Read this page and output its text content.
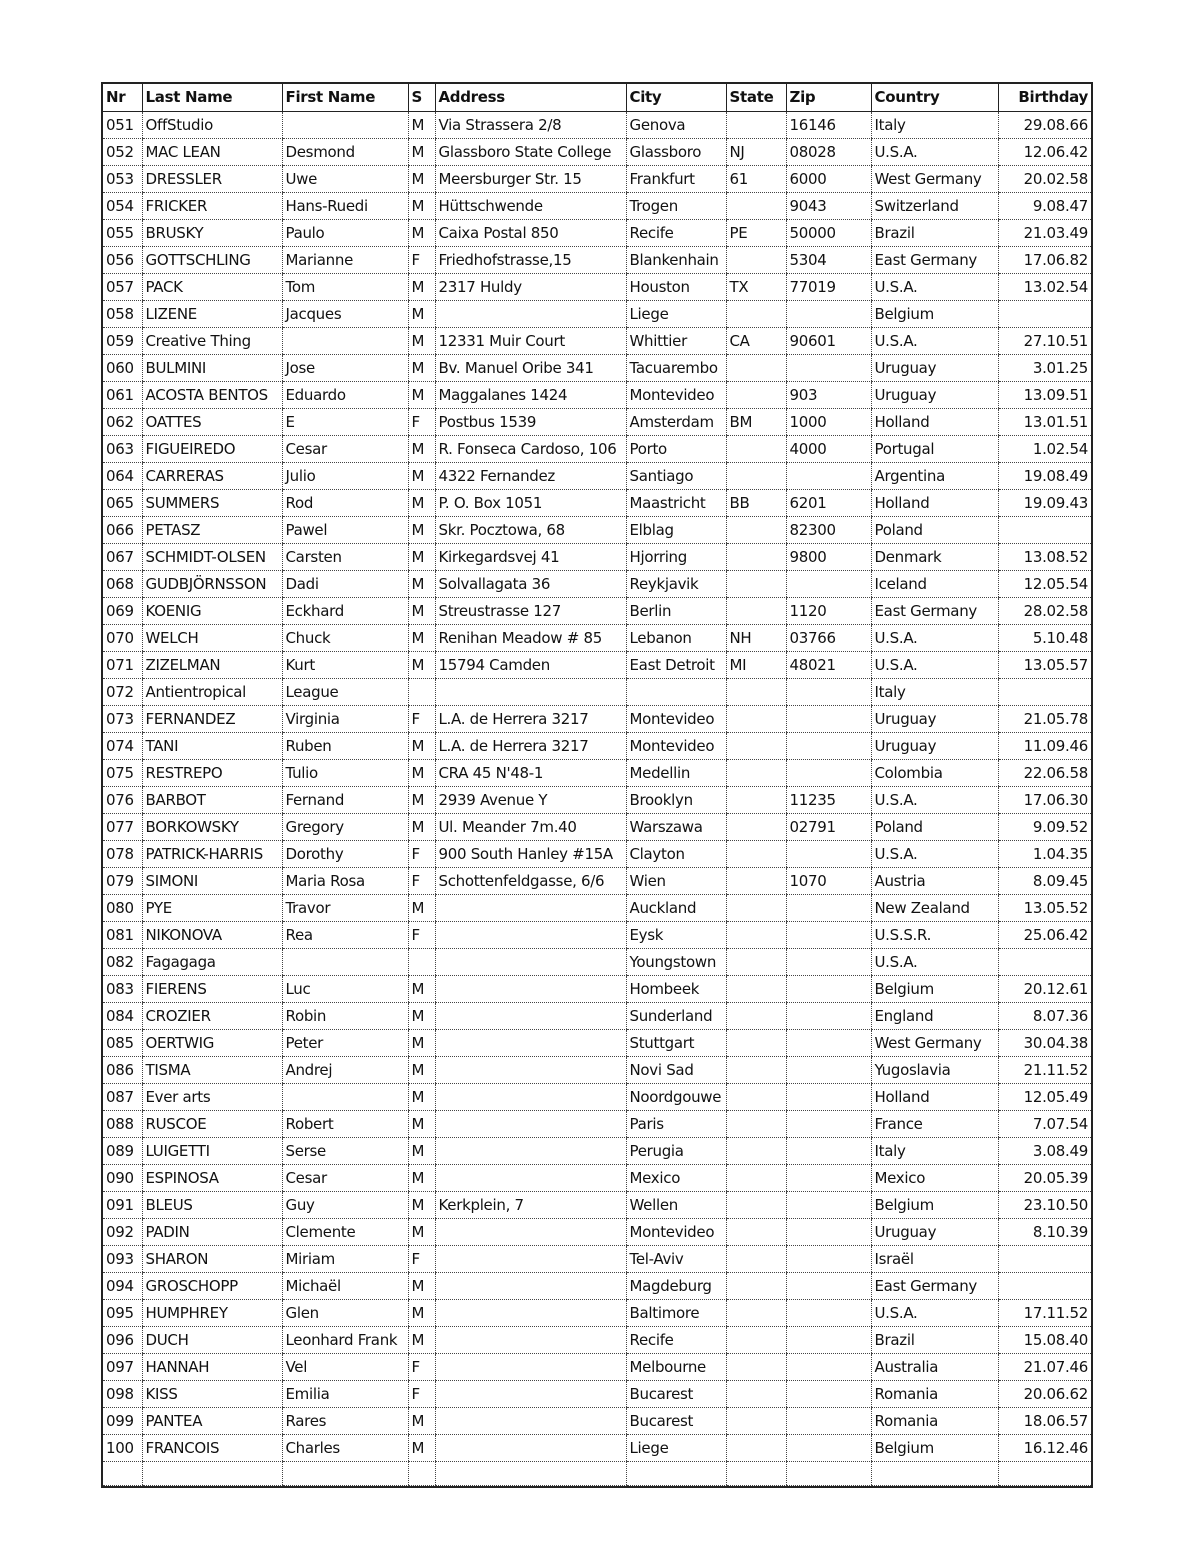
Nr	Last Name	First Name	S	Address	City	State	Zip	Country	Birthday
051	OffStudio		M	Via Strassera 2/8	Genova		16146	Italy	29.08.66
052	MAC LEAN	Desmond	M	Glassboro State College	Glassboro	NJ	08028	U.S.A.	12.06.42
053	DRESSLER	Uwe	M	Meersburger Str. 15	Frankfurt	61	6000	West Germany	20.02.58
054	FRICKER	Hans-Ruedi	M	Hüttschwende	Trogen		9043	Switzerland	9.08.47
055	BRUSKY	Paulo	M	Caixa Postal 850	Recife	PE	50000	Brazil	21.03.49
056	GOTTSCHLING	Marianne	F	Friedhofstrasse,15	Blankenhain		5304	East Germany	17.06.82
057	PACK	Tom	M	2317 Huldy	Houston	TX	77019	U.S.A.	13.02.54
058	LIZENE	Jacques	M		Liege			Belgium	
059	Creative Thing		M	12331 Muir Court	Whittier	CA	90601	U.S.A.	27.10.51
060	BULMINI	Jose	M	Bv. Manuel Oribe 341	Tacuarembo			Uruguay	3.01.25
061	ACOSTA BENTOS	Eduardo	M	Maggalanes 1424	Montevideo		903	Uruguay	13.09.51
062	OATTES	E	F	Postbus 1539	Amsterdam	BM	1000	Holland	13.01.51
063	FIGUEIREDO	Cesar	M	R. Fonseca Cardoso, 106	Porto		4000	Portugal	1.02.54
064	CARRERAS	Julio	M	4322 Fernandez	Santiago			Argentina	19.08.49
065	SUMMERS	Rod	M	P. O. Box 1051	Maastricht	BB	6201	Holland	19.09.43
066	PETASZ	Pawel	M	Skr. Pocztowa, 68	Elblag		82300	Poland	
067	SCHMIDT-OLSEN	Carsten	M	Kirkegardsvej 41	Hjorring		9800	Denmark	13.08.52
068	GUDBJÖRNSSON	Dadi	M	Solvallagata 36	Reykjavik			Iceland	12.05.54
069	KOENIG	Eckhard	M	Streustrasse 127	Berlin		1120	East Germany	28.02.58
070	WELCH	Chuck	M	Renihan Meadow # 85	Lebanon	NH	03766	U.S.A.	5.10.48
071	ZIZELMAN	Kurt	M	15794 Camden	East Detroit	MI	48021	U.S.A.	13.05.57
072	Antientropical	League						Italy	
073	FERNANDEZ	Virginia	F	L.A. de Herrera 3217	Montevideo			Uruguay	21.05.78
074	TANI	Ruben	M	L.A. de Herrera 3217	Montevideo			Uruguay	11.09.46
075	RESTREPO	Tulio	M	CRA 45 N'48-1	Medellin			Colombia	22.06.58
076	BARBOT	Fernand	M	2939 Avenue Y	Brooklyn		11235	U.S.A.	17.06.30
077	BORKOWSKY	Gregory	M	Ul. Meander 7m.40	Warszawa		02791	Poland	9.09.52
078	PATRICK-HARRIS	Dorothy	F	900 South Hanley #15A	Clayton			U.S.A.	1.04.35
079	SIMONI	Maria Rosa	F	Schottenfeldgasse, 6/6	Wien		1070	Austria	8.09.45
080	PYE	Travor	M		Auckland			New Zealand	13.05.52
081	NIKONOVA	Rea	F		Eysk			U.S.S.R.	25.06.42
082	Fagagaga				Youngstown			U.S.A.	
083	FIERENS	Luc	M		Hombeek			Belgium	20.12.61
084	CROZIER	Robin	M		Sunderland			England	8.07.36
085	OERTWIG	Peter	M		Stuttgart			West Germany	30.04.38
086	TISMA	Andrej	M		Novi Sad			Yugoslavia	21.11.52
087	Ever arts		M		Noordgouwe			Holland	12.05.49
088	RUSCOE	Robert	M		Paris			France	7.07.54
089	LUIGETTI	Serse	M		Perugia			Italy	3.08.49
090	ESPINOSA	Cesar	M		Mexico			Mexico	20.05.39
091	BLEUS	Guy	M	Kerkplein, 7	Wellen			Belgium	23.10.50
092	PADIN	Clemente	M		Montevideo			Uruguay	8.10.39
093	SHARON	Miriam	F		Tel-Aviv			Israël	
094	GROSCHOPP	Michaël	M		Magdeburg			East Germany	
095	HUMPHREY	Glen	M		Baltimore			U.S.A.	17.11.52
096	DUCH	Leonhard Frank	M		Recife			Brazil	15.08.40
097	HANNAH	Vel	F		Melbourne			Australia	21.07.46
098	KISS	Emilia	F		Bucarest			Romania	20.06.62
099	PANTEA	Rares	M		Bucarest			Romania	18.06.57
100	FRANCOIS	Charles	M		Liege			Belgium	16.12.46
